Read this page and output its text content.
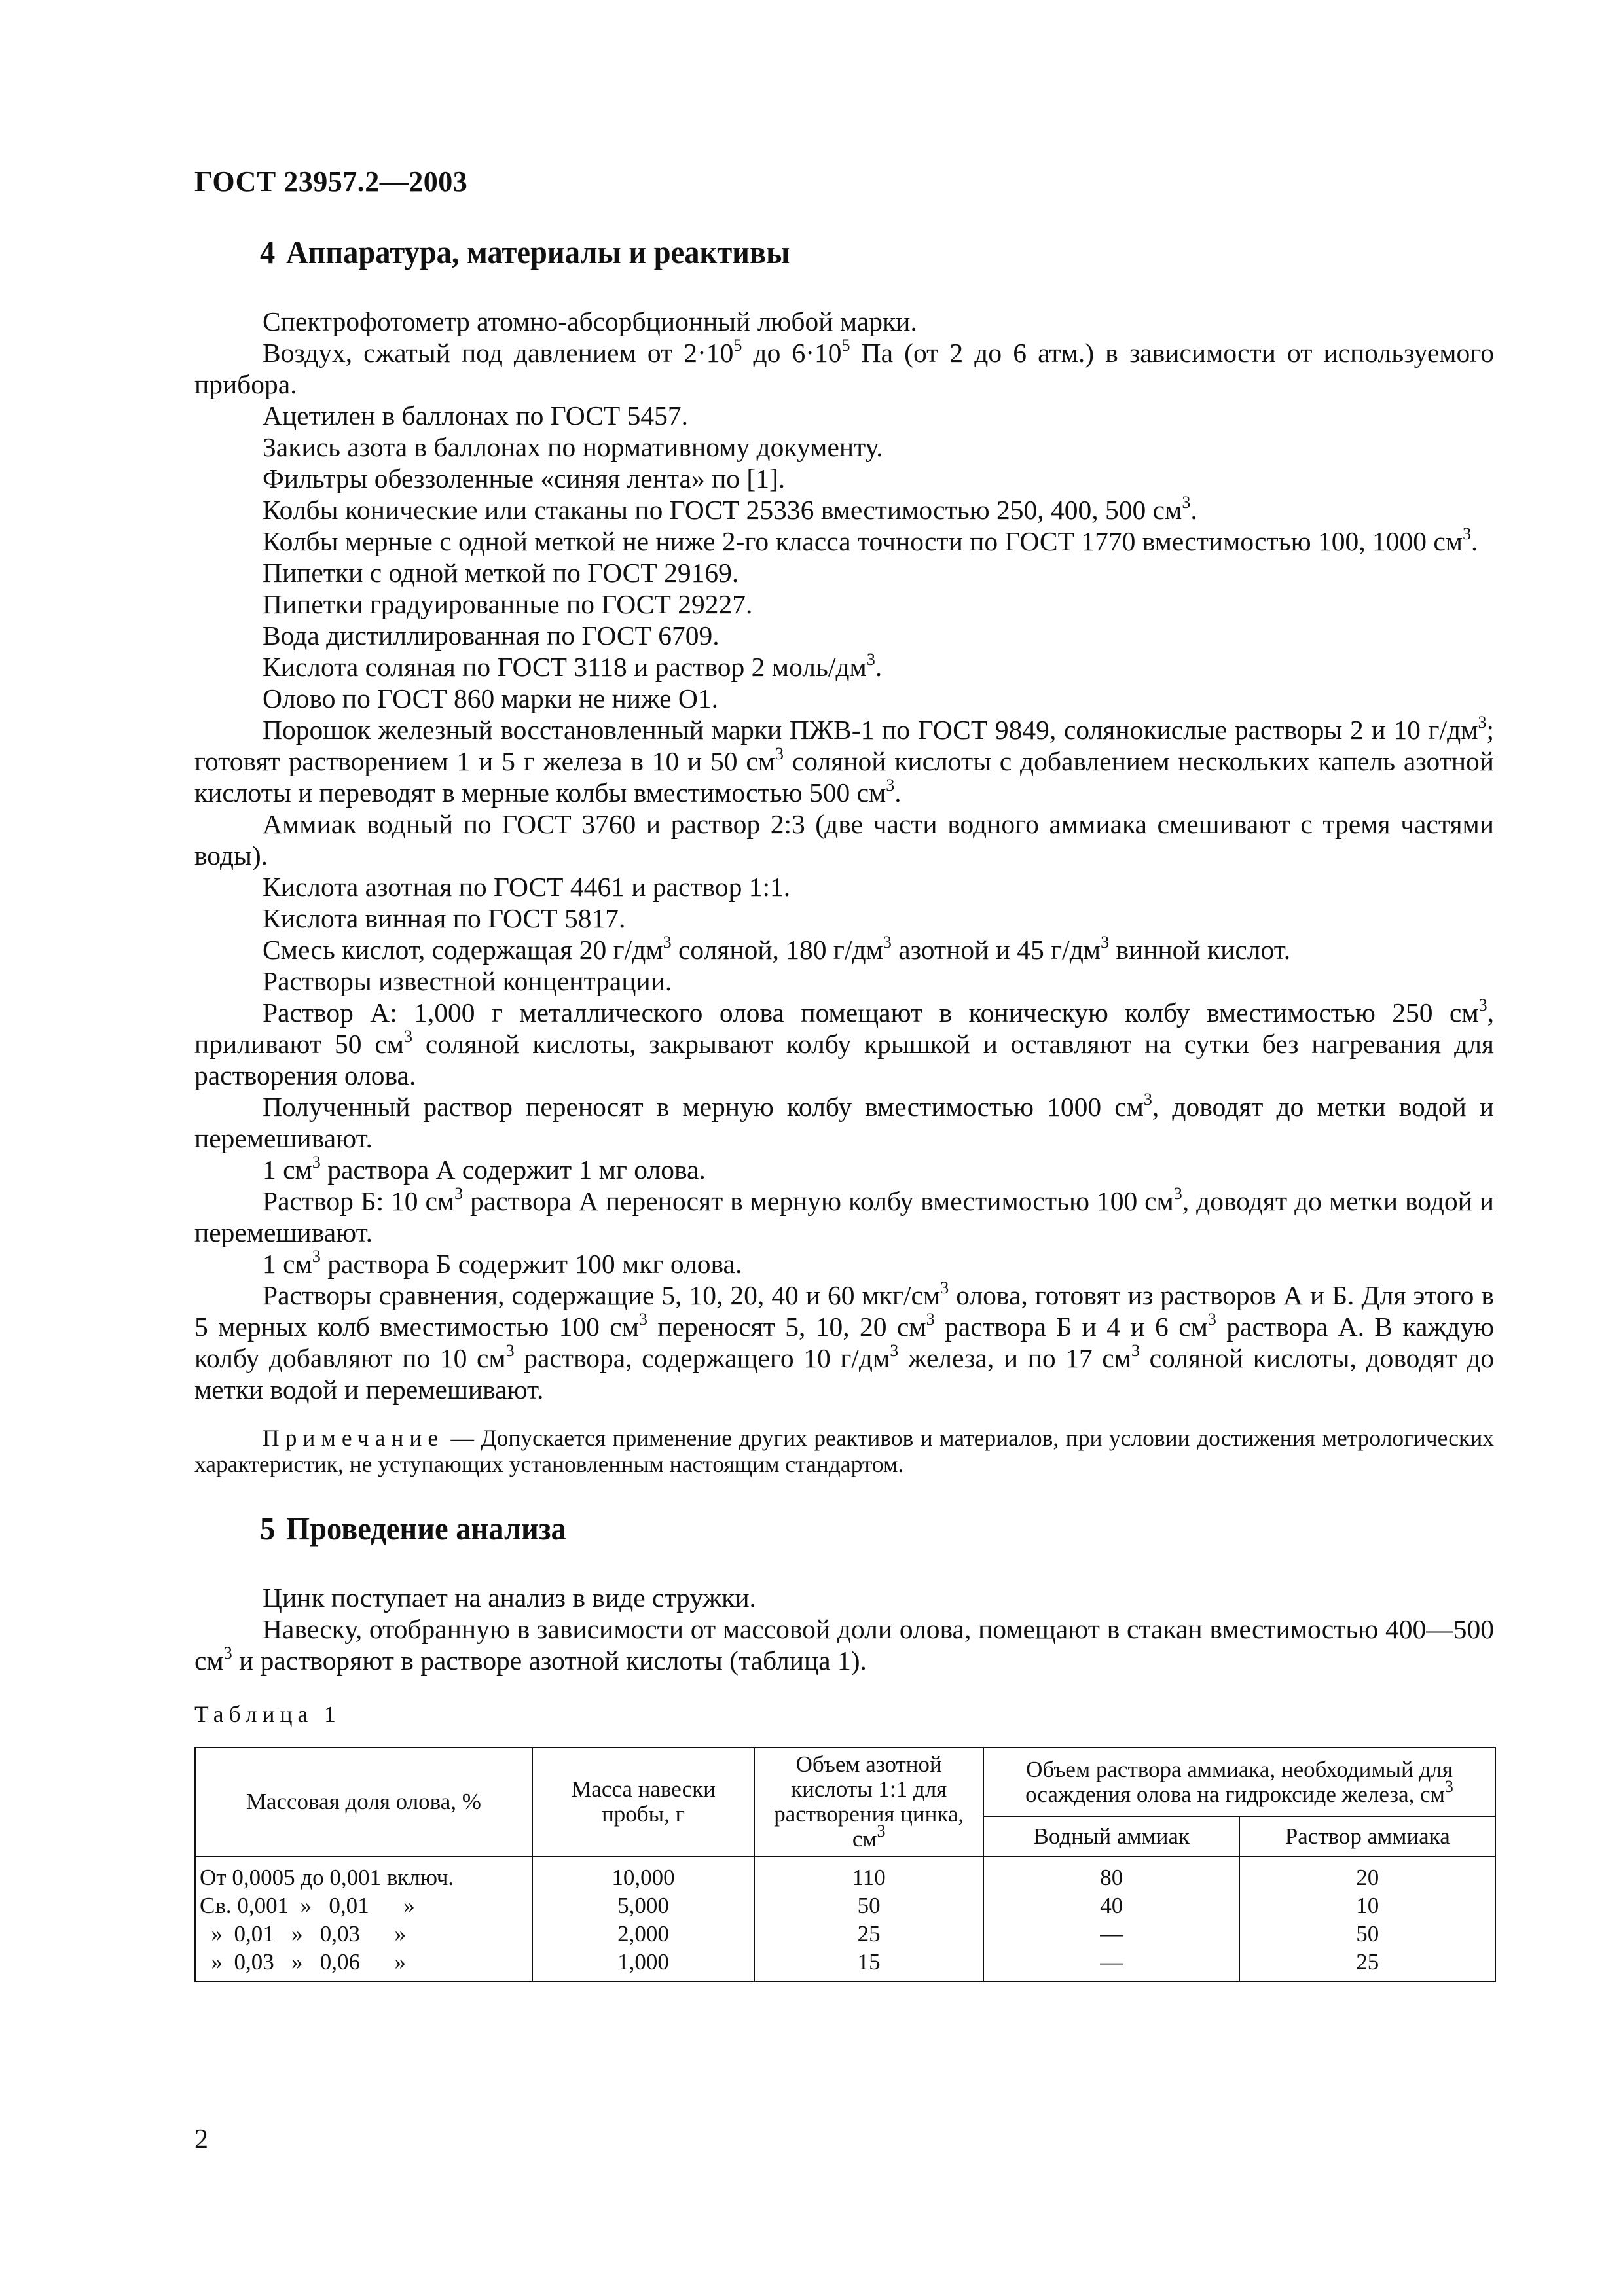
ГОСТ 23957.2—2003
4 Аппаратура, материалы и реактивы

Спектрофотометр атомно-абсорбционный любой марки.

Воздух, сжатый под давлением от $2\cdot 10^5$ до $6\cdot 10^5$ Па (от 2 до 6 атм.) в зависимости от используемого прибора.

Ацетилен в баллонах по ГОСТ 5457.

Закись азота в баллонах по нормативному документу.

Фильтры обеззоленные «синяя лента» по [1].

Колбы конические или стаканы по ГОСТ 25336 вместимостью 250, 400, 500 $см^3$.

Колбы мерные с одной меткой не ниже 2-го класса точности по ГОСТ 1770 вместимостью 100, 1000 $см^3$.

Пипетки с одной меткой по ГОСТ 29169.

Пипетки градуированные по ГОСТ 29227.

Вода дистиллированная по ГОСТ 6709.

Кислота соляная по ГОСТ 3118 и раствор 2 моль/$дм^3$.

Олово по ГОСТ 860 марки не ниже О1.

Порошок железный восстановленный марки ПЖВ-1 по ГОСТ 9849, солянокислые растворы 2 и 10 $г/дм^3$; готовят растворением 1 и 5 г железа в 10 и 50 $см^3$ соляной кислоты с добавлением нескольких капель азотной кислоты и переводят в мерные колбы вместимостью 500 $см^3$.

Аммиак водный по ГОСТ 3760 и раствор 2:3 (две части водного аммиака смешивают с тремя частями воды).

Кислота азотная по ГОСТ 4461 и раствор 1:1.

Кислота винная по ГОСТ 5817.

Смесь кислот, содержащая 20 $г/дм^3$ соляной, 180 $г/дм^3$ азотной и 45 $г/дм^3$ винной кислот.

Растворы известной концентрации.

Раствор А: 1,000 г металлического олова помещают в коническую колбу вместимостью 250 $см^3$, приливают 50 $см^3$ соляной кислоты, закрывают колбу крышкой и оставляют на сутки без нагревания для растворения олова.

Полученный раствор переносят в мерную колбу вместимостью 1000 $см^3$, доводят до метки водой и перемешивают.

1 $см^3$ раствора А содержит 1 мг олова.

Раствор Б: 10 $см^3$ раствора А переносят в мерную колбу вместимостью 100 $см^3$, доводят до метки водой и перемешивают.

1 $см^3$ раствора Б содержит 100 мкг олова.

Растворы сравнения, содержащие 5, 10, 20, 40 и 60 мкг/$см^3$ олова, готовят из растворов А и Б. Для этого в 5 мерных колб вместимостью 100 $см^3$ переносят 5, 10, 20 $см^3$ раствора Б и 4 и 6 $см^3$ раствора А. В каждую колбу добавляют по 10 $см^3$ раствора, содержащего 10 $г/дм^3$ железа, и по 17 $см^3$ соляной кислоты, доводят до метки водой и перемешивают.

Примечание — Допускается применение других реактивов и материалов, при условии достижения метрологических характеристик, не уступающих установленным настоящим стандартом.

5 Проведение анализа

Цинк поступает на анализ в виде стружки.

Навеску, отобранную в зависимости от массовой доли олова, помещают в стакан вместимостью 400—500 $см^3$ и растворяют в растворе азотной кислоты (таблица 1).

Таблица 1
Массовая доля олова, %	Масса навески пробы, г	Объем азотной кислоты 1:1 для растворения цинка, $см^3$	Объем раствора аммиака, необходимый для осаждения олова на гидроксиде железа, $см^3$
			Водный аммиак	Раствор аммиака
От 0,0005 до 0,001 включ.	10,000	110	80	20
Св. 0,001  »   0,01      »	5,000	50	40	10
»  0,01   »   0,03      »	2,000	25	—	50
»  0,03   »   0,06      »	1,000	15	—	25
2
